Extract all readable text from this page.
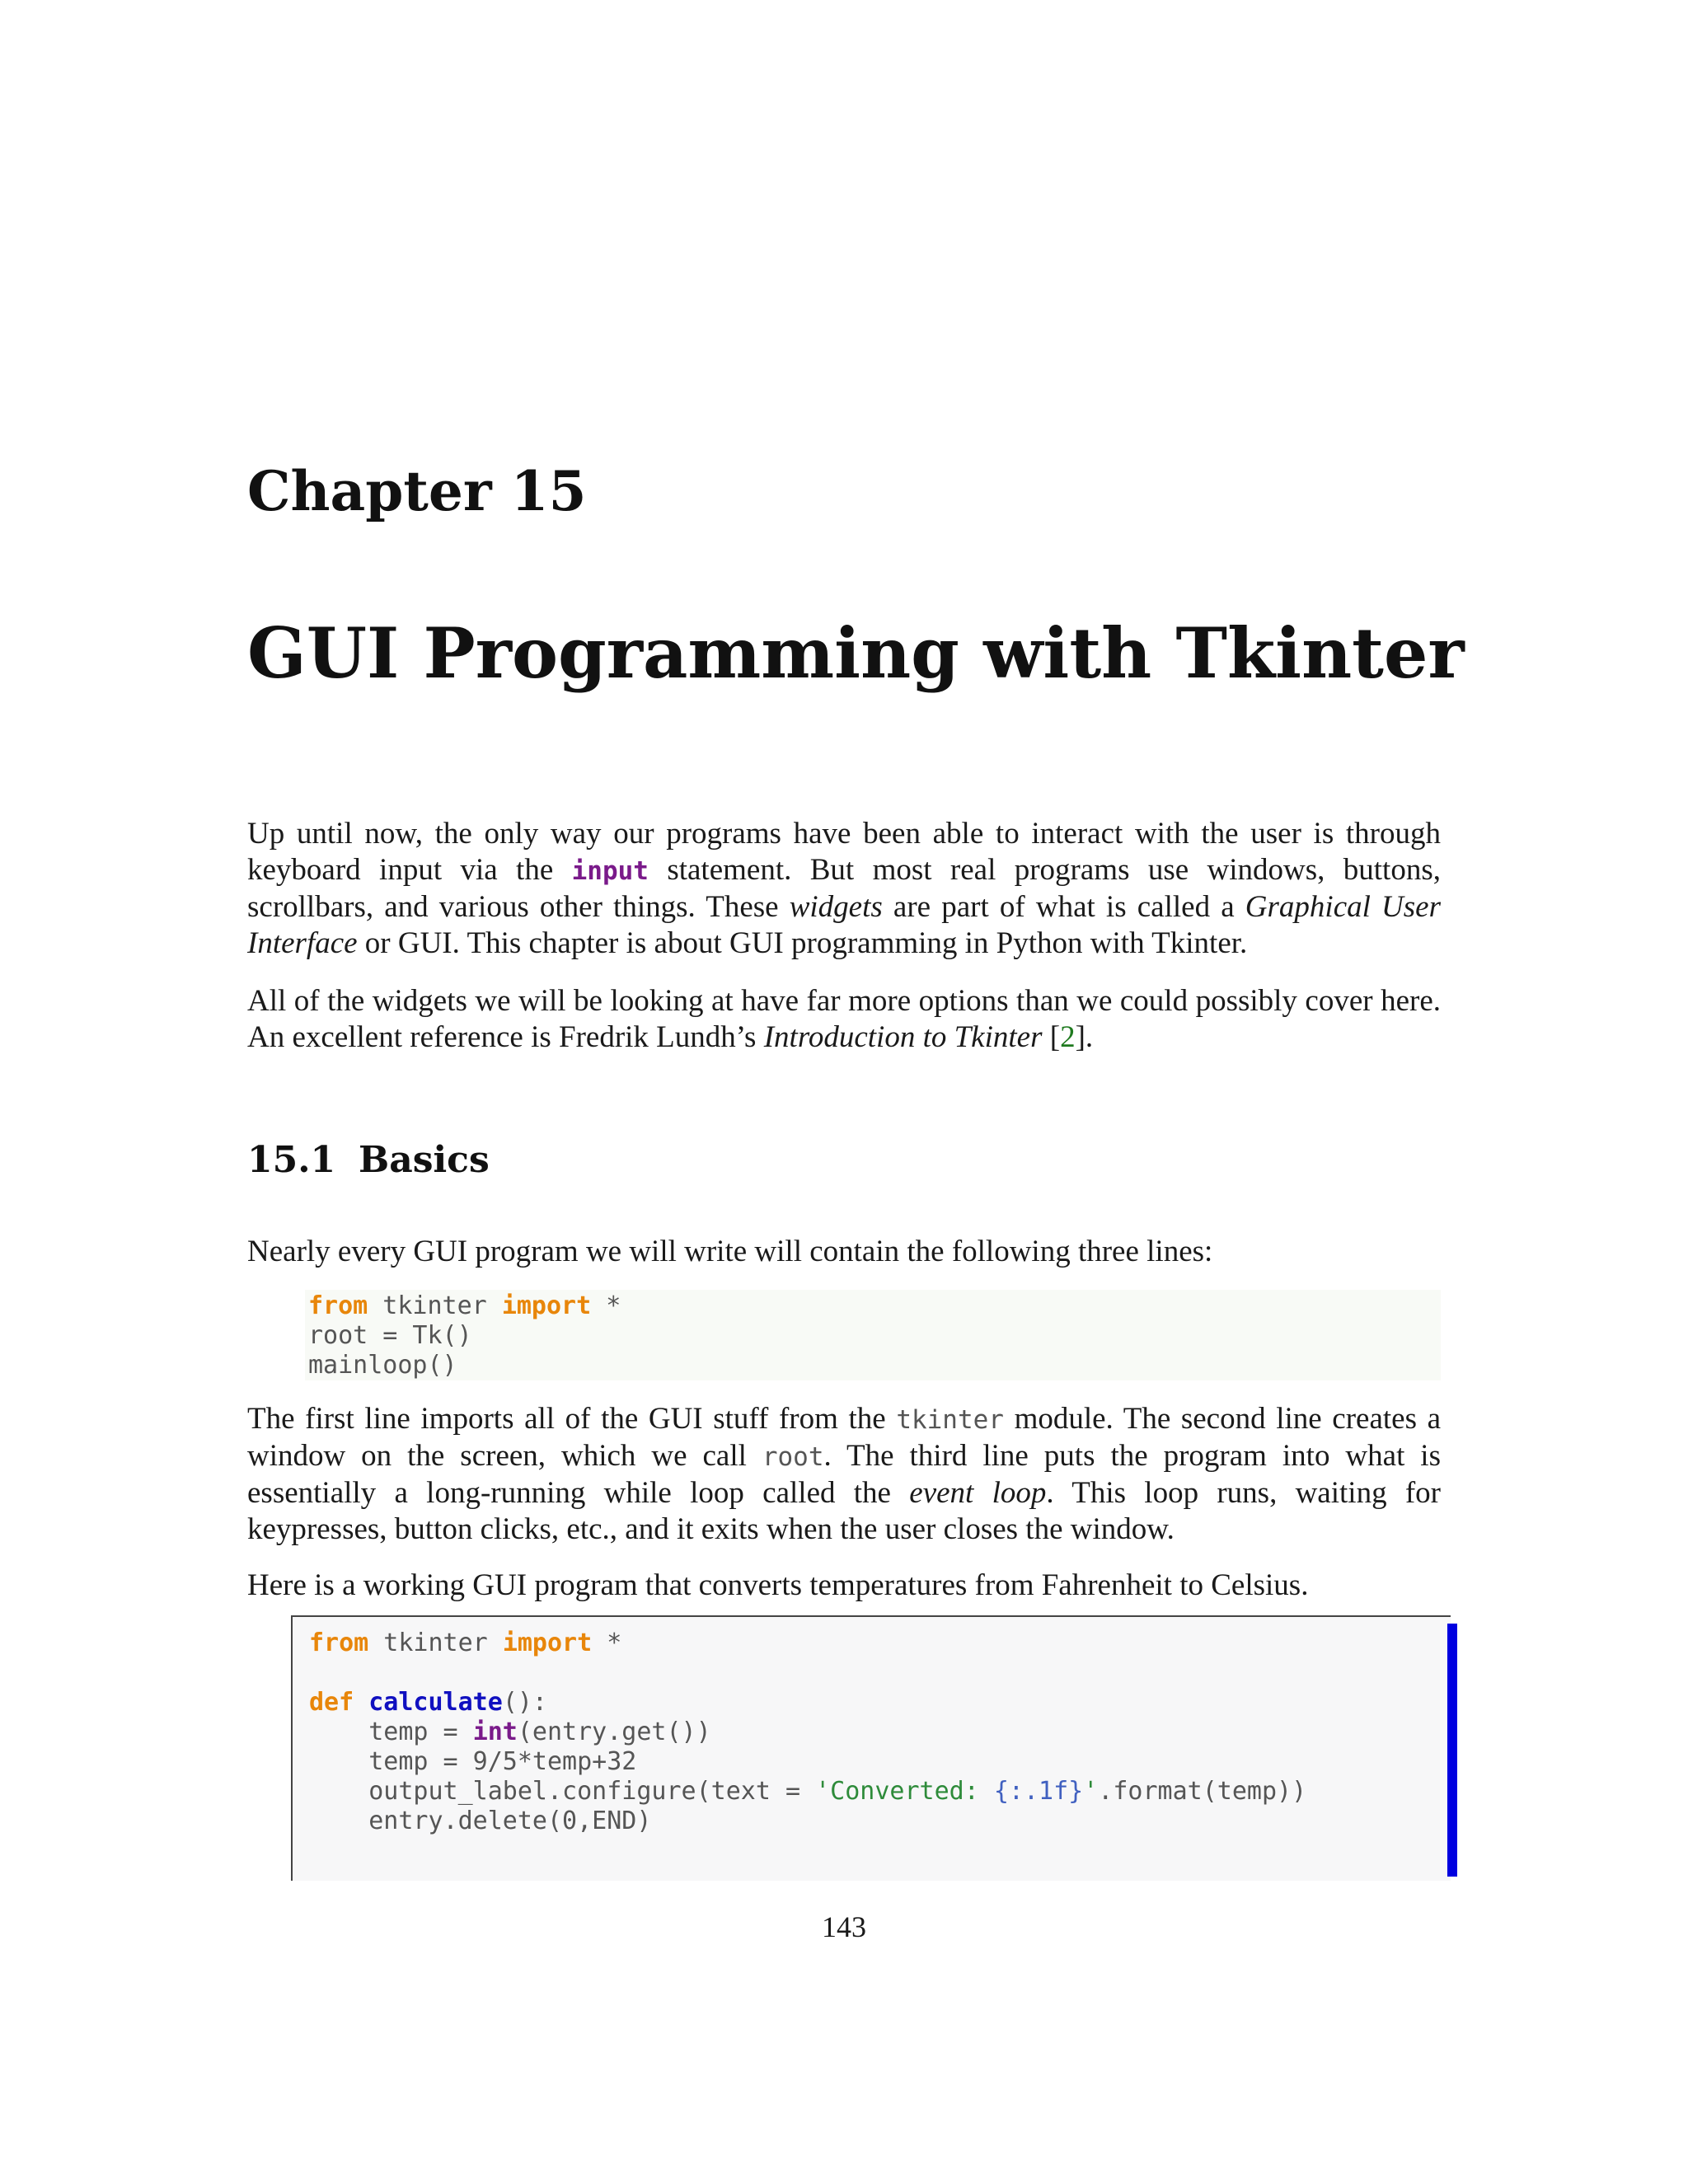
Chapter 15
GUI Programming with Tkinter
Up until now, the only way our programs have been able to interact with the user is through keyboard input via the input statement. But most real programs use windows, buttons, scrollbars, and various other things. These widgets are part of what is called a Graphical User Interface or GUI. This chapter is about GUI programming in Python with Tkinter.
All of the widgets we will be looking at have far more options than we could possibly cover here. An excellent reference is Fredrik Lundh’s Introduction to Tkinter [2].
15.1 Basics
Nearly every GUI program we will write will contain the following three lines:
from tkinter import *
root = Tk()
mainloop()
The first line imports all of the GUI stuff from the tkinter module. The second line creates a window on the screen, which we call root. The third line puts the program into what is essentially a long-running while loop called the event loop. This loop runs, waiting for keypresses, button clicks, etc., and it exits when the user closes the window.
Here is a working GUI program that converts temperatures from Fahrenheit to Celsius.
from tkinter import *
def calculate():
temp = int(entry.get())
temp = 9/5*temp+32
output_label.configure(text = 'Converted: {:.1f}'.format(temp))
entry.delete(0,END)
143
